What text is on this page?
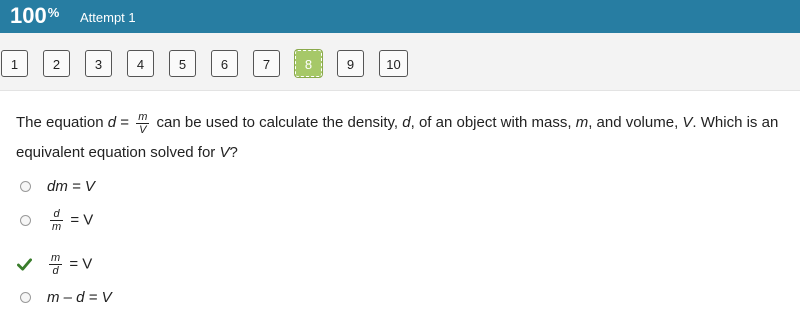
100% Attempt 1
1	2	3	4	5	6	7	8	9	10
The equation $d = \frac{m}{V}$ can be used to calculate the density, d, of an object with mass, m, and volume, V. Which is an equivalent equation solved for V?
dm = V
$\frac{d}{m} = V$
$\frac{m}{d} = V$
m – d = V
